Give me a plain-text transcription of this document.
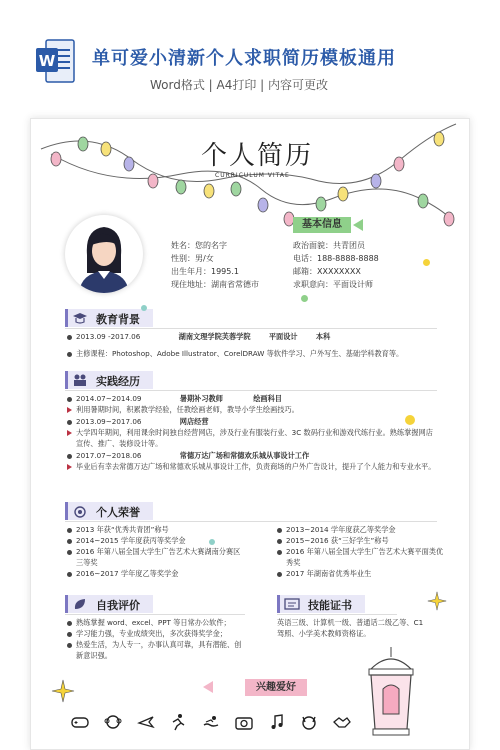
W 单可爱小清新个人求职简历模板通用
Word格式 | A4打印 | 内容可更改
个人简历
CURRICULUM VITAE
基本信息
姓名：您的名字
性别：男/女
出生年月：1995.1
现住地址：湖南省常德市
政治面貌：共青团员
电话：188-8888-8888
邮箱：XXXXXXXX
求职意向：平面设计师
教育背景
2013.09 -2017.06	湖南文理学院芙蓉学院	平面设计	本科
主修课程：Photoshop、Adobe Illustrator、CorelDRAW 等软件学习、户外写生、基础学科教育等。
实践经历
2014.07~2014.09	暑期补习教师	绘画科目
利用暑期时间，积累教学经验，任教绘画老师，教导小学生绘画技巧。
2013.09~2017.06	网店经营
大学四年期间，利用课余时间独自经营网店，涉及行业有服装行业、3C 数码行业和游戏代练行业。熟练掌握网店宣传、推广、装修设计等。
2017.07~2018.06	常德万达广场和常德欢乐城从事设计工作
毕业后有幸去常德万达广场和常德欢乐城从事设计工作，负责商场的户外广告设计，提升了个人能力和专业水平。
个人荣誉
2013 年获“优秀共青团”称号
2014~2015 学年度获丙等奖学金
2016 年第八届全国大学生广告艺术大赛湖南分赛区三等奖
2016~2017 学年度乙等奖学金
2013~2014 学年度获乙等奖学金
2015~2016 获“三好学生”称号
2016 年第八届全国大学生广告艺术大赛平面类优秀奖
2017 年湖南省优秀毕业生
自我评价
熟练掌握 word、excel、PPT 等日常办公软件；
学习能力强，专业成绩突出，多次获得奖学金；
热爱生活，为人专一，办事认真可靠，具有潜能、创新意识强。
技能证书
英语三级、计算机一级、普通话二级乙等、C1 驾照、小学美术教师资格证。
兴趣爱好
